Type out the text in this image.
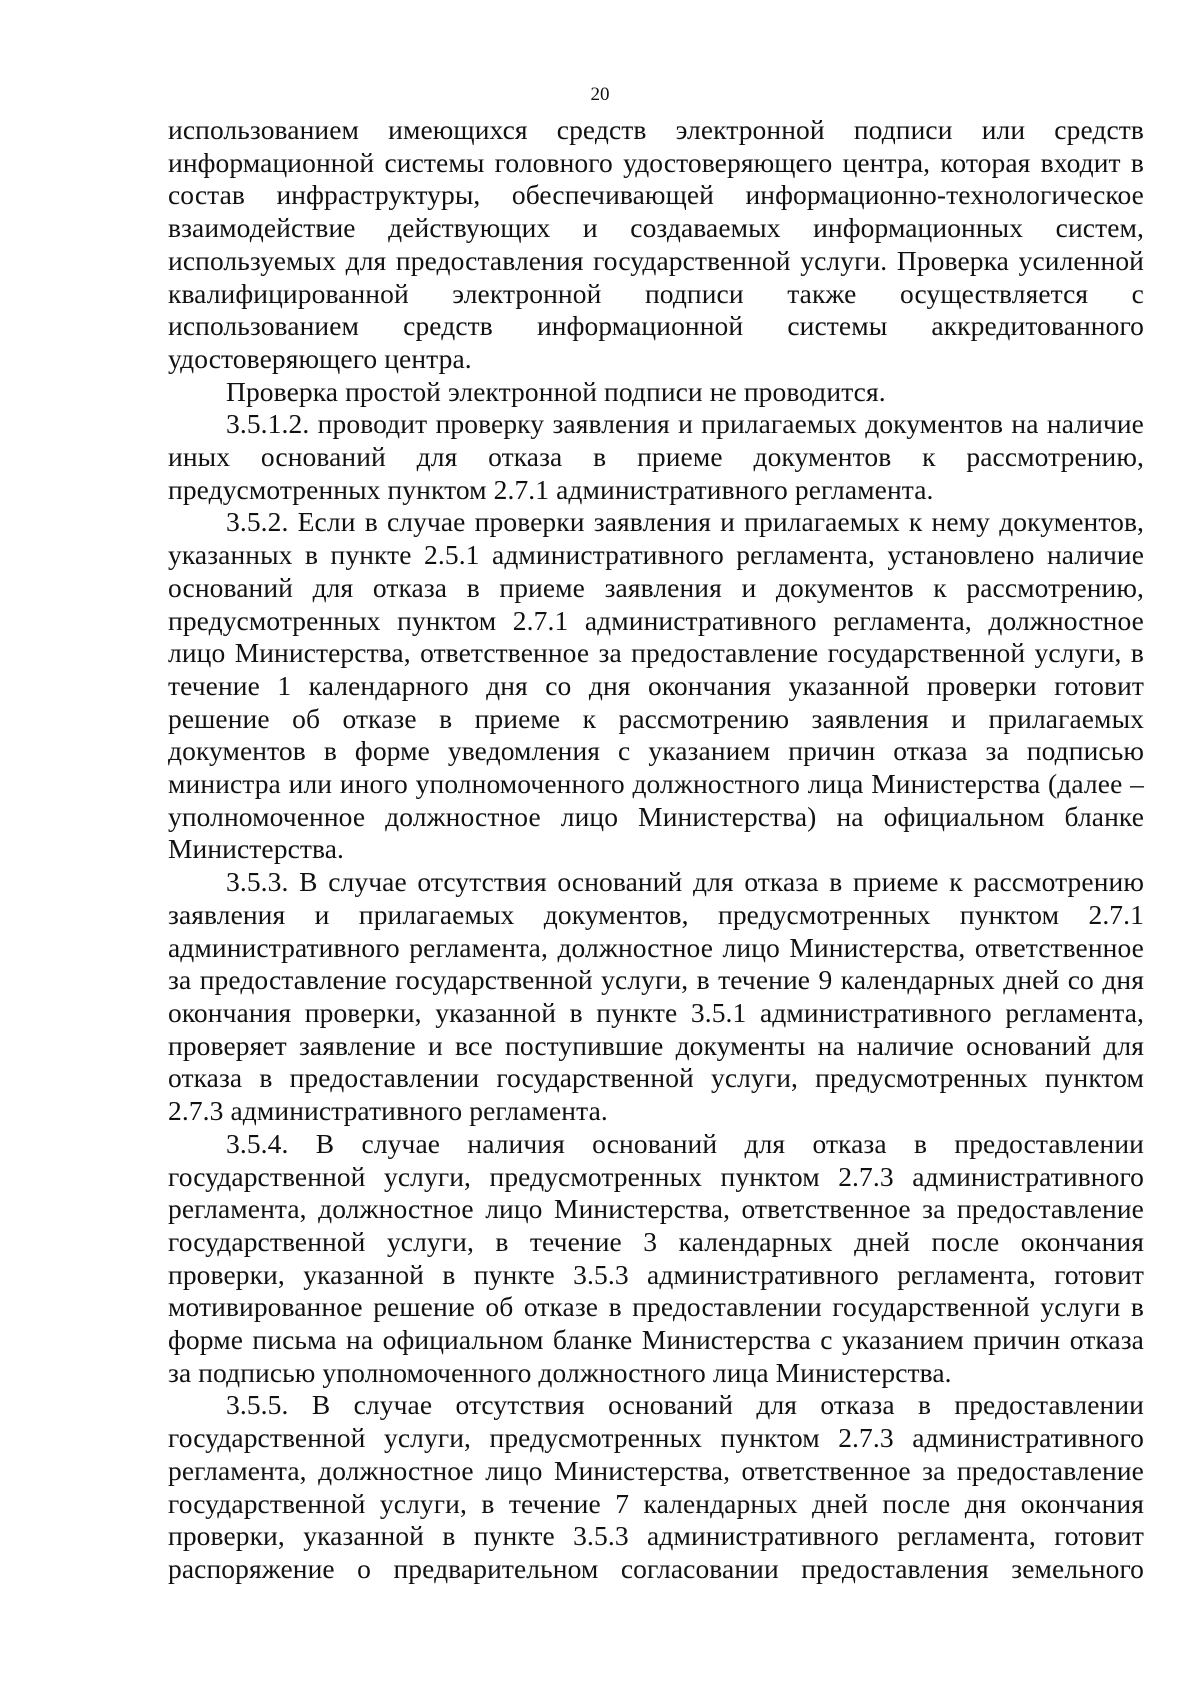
20

использованием имеющихся средств электронной подписи или средств информационной системы головного удостоверяющего центра, которая входит в состав инфраструктуры, обеспечивающей информационно-технологическое взаимодействие действующих и создаваемых информационных систем, используемых для предоставления государственной услуги. Проверка усиленной квалифицированной электронной подписи также осуществляется с использованием средств информационной системы аккредитованного удостоверяющего центра.

Проверка простой электронной подписи не проводится.

3.5.1.2. проводит проверку заявления и прилагаемых документов на наличие иных оснований для отказа в приеме документов к рассмотрению, предусмотренных пунктом 2.7.1 административного регламента.

3.5.2. Если в случае проверки заявления и прилагаемых к нему документов, указанных в пункте 2.5.1 административного регламента, установлено наличие оснований для отказа в приеме заявления и документов к рассмотрению, предусмотренных пунктом 2.7.1 административного регламента, должностное лицо Министерства, ответственное за предоставление государственной услуги, в течение 1 календарного дня со дня окончания указанной проверки готовит решение об отказе в приеме к рассмотрению заявления и прилагаемых документов в форме уведомления с указанием причин отказа за подписью министра или иного уполномоченного должностного лица Министерства (далее – уполномоченное должностное лицо Министерства) на официальном бланке Министерства.

3.5.3. В случае отсутствия оснований для отказа в приеме к рассмотрению заявления и прилагаемых документов, предусмотренных пунктом 2.7.1 административного регламента, должностное лицо Министерства, ответственное за предоставление государственной услуги, в течение 9 календарных дней со дня окончания проверки, указанной в пункте 3.5.1 административного регламента, проверяет заявление и все поступившие документы на наличие оснований для отказа в предоставлении государственной услуги, предусмотренных пунктом 2.7.3 административного регламента.

3.5.4. В случае наличия оснований для отказа в предоставлении государственной услуги, предусмотренных пунктом 2.7.3 административного регламента, должностное лицо Министерства, ответственное за предоставление государственной услуги, в течение 3 календарных дней после окончания проверки, указанной в пункте 3.5.3 административного регламента, готовит мотивированное решение об отказе в предоставлении государственной услуги в форме письма на официальном бланке Министерства с указанием причин отказа за подписью уполномоченного должностного лица Министерства.

3.5.5. В случае отсутствия оснований для отказа в предоставлении государственной услуги, предусмотренных пунктом 2.7.3 административного регламента, должностное лицо Министерства, ответственное за предоставление государственной услуги, в течение 7 календарных дней после дня окончания проверки, указанной в пункте 3.5.3 административного регламента, готовит распоряжение о предварительном согласовании предоставления земельного
